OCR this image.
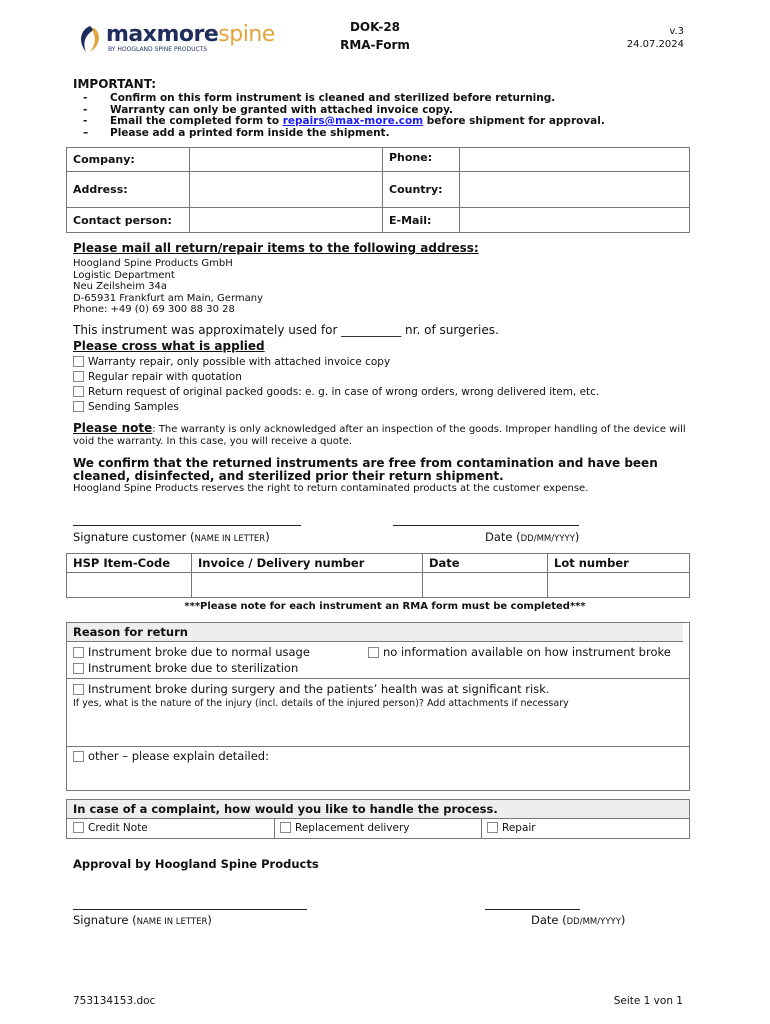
maxmorespine
BY HOOGLAND SPINE PRODUCTS
DOK-28
RMA-Form
v.3
24.07.2024
IMPORTANT:
- Confirm on this form instrument is cleaned and sterilized before returning.
- Warranty can only be granted with attached invoice copy.
- Email the completed form to repairs@max-more.com before shipment for approval.
– Please add a printed form inside the shipment.
Company:		Phone:	
Address:		Country:	
Contact person:		E-Mail:	
Please mail all return/repair items to the following address:
Hoogland Spine Products GmbH
Logistic Department
Neu Zeilsheim 34a
D-65931 Frankfurt am Main, Germany
Phone: +49 (0) 69 300 88 30 28
This instrument was approximately used for __________ nr. of surgeries.
Please cross what is applied
Warranty repair, only possible with attached invoice copy
Regular repair with quotation
Return request of original packed goods: e. g. in case of wrong orders, wrong delivered item, etc.
Sending Samples
Please note: The warranty is only acknowledged after an inspection of the goods. Improper handling of the device will void the warranty. In this case, you will receive a quote.
We confirm that the returned instruments are free from contamination and have been cleaned, disinfected, and sterilized prior their return shipment.
Hoogland Spine Products reserves the right to return contaminated products at the customer expense.
Signature customer (NAME IN LETTER)	Date (DD/MM/YYYY)
HSP Item-Code	Invoice / Delivery number	Date	Lot number

***Please note for each instrument an RMA form must be completed***
Reason for return
Instrument broke due to normal usage	no information available on how instrument broke
Instrument broke due to sterilization
Instrument broke during surgery and the patients’ health was at significant risk.
If yes, what is the nature of the injury (incl. details of the injured person)? Add attachments if necessary
other – please explain detailed:
In case of a complaint, how would you like to handle the process.
Credit Note	Replacement delivery	Repair
Approval by Hoogland Spine Products
Signature (NAME IN LETTER)	Date (DD/MM/YYYY)
753134153.doc	Seite 1 von 1
